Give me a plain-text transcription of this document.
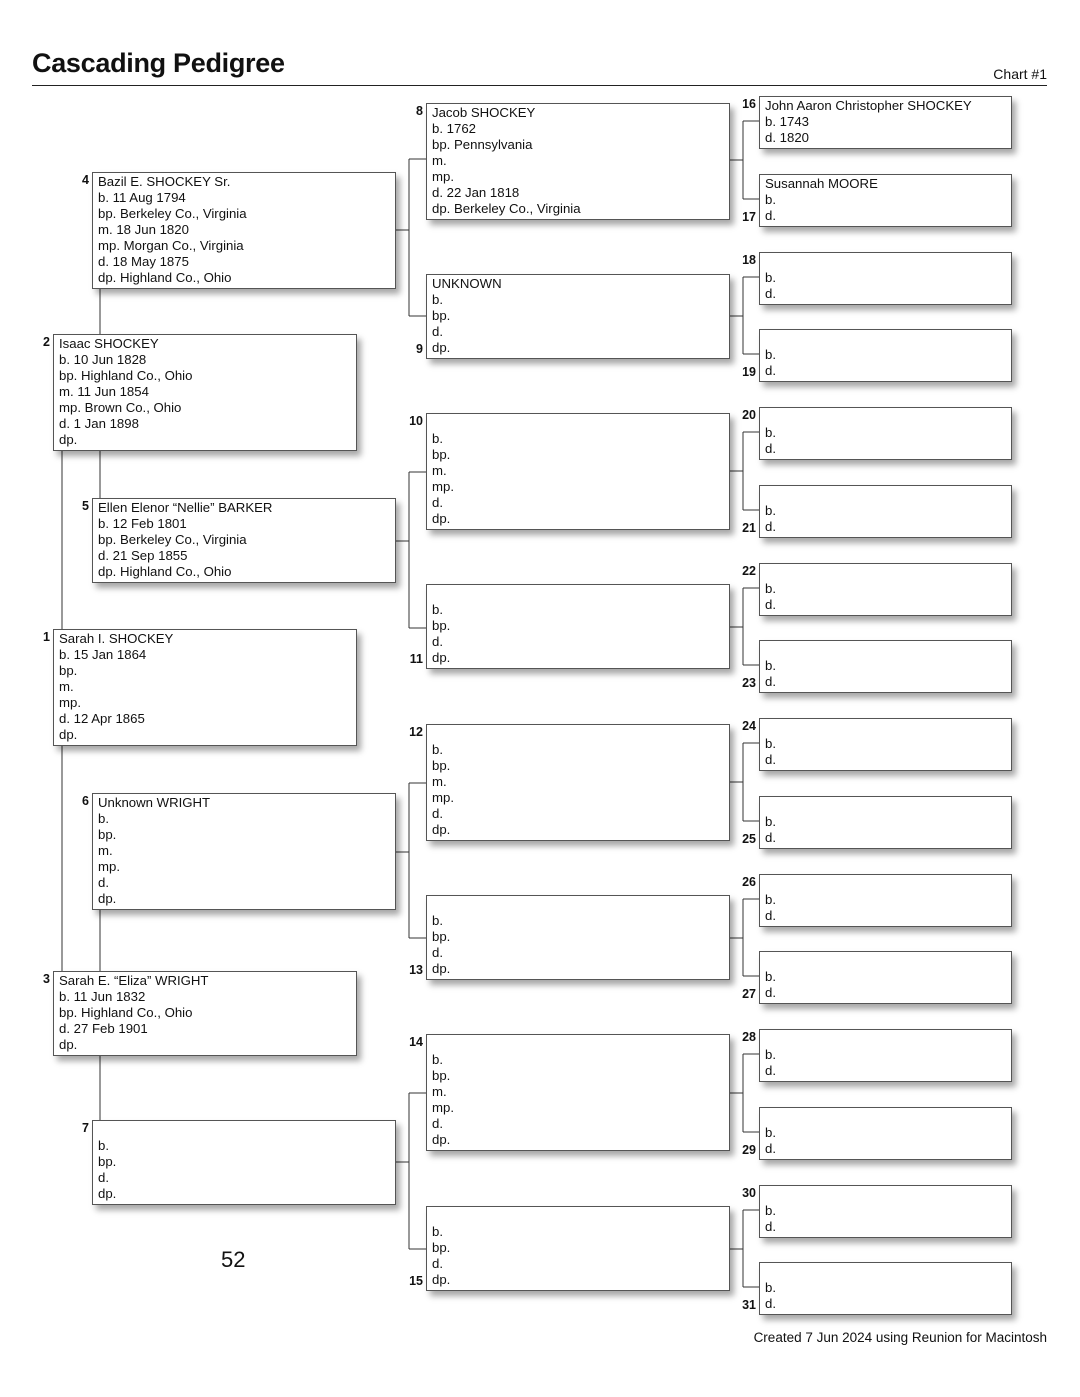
Cascading Pedigree	Chart #1
Sarah I. SHOCKEY
b. 15 Jan 1864
bp.
m.
mp.
d. 12 Apr 1865
dp.
1
Isaac SHOCKEY
b. 10 Jun 1828
bp. Highland Co., Ohio
m. 11 Jun 1854
mp. Brown Co., Ohio
d. 1 Jan 1898
dp.
2
Sarah E. “Eliza” WRIGHT
b. 11 Jun 1832
bp. Highland Co., Ohio
d. 27 Feb 1901
dp.
3
Bazil E. SHOCKEY Sr.
b. 11 Aug 1794
bp. Berkeley Co., Virginia
m. 18 Jun 1820
mp. Morgan Co., Virginia
d. 18 May 1875
dp. Highland Co., Ohio
4
Ellen Elenor “Nellie” BARKER
b. 12 Feb 1801
bp. Berkeley Co., Virginia
d. 21 Sep 1855
dp. Highland Co., Ohio
5
Unknown WRIGHT
b.
bp.
m.
mp.
d.
dp.
6
b.
bp.
d.
dp.
7
Jacob SHOCKEY
b. 1762
bp. Pennsylvania
m.
mp.
d. 22 Jan 1818
dp. Berkeley Co., Virginia
8
UNKNOWN
b.
bp.
d.
dp.
9
b.
bp.
m.
mp.
d.
dp.
10
b.
bp.
d.
dp.
11
b.
bp.
m.
mp.
d.
dp.
12
b.
bp.
d.
dp.
13
b.
bp.
m.
mp.
d.
dp.
14
b.
bp.
d.
dp.
15
John Aaron Christopher SHOCKEY
b. 1743
d. 1820
16
Susannah MOORE
b.
d.
17
b.
d.
18
b.
d.
19
b.
d.
20
b.
d.
21
b.
d.
22
b.
d.
23
b.
d.
24
b.
d.
25
b.
d.
26
b.
d.
27
b.
d.
28
b.
d.
29
b.
d.
30
b.
d.
31
52
Created 7 Jun 2024 using Reunion for Macintosh
